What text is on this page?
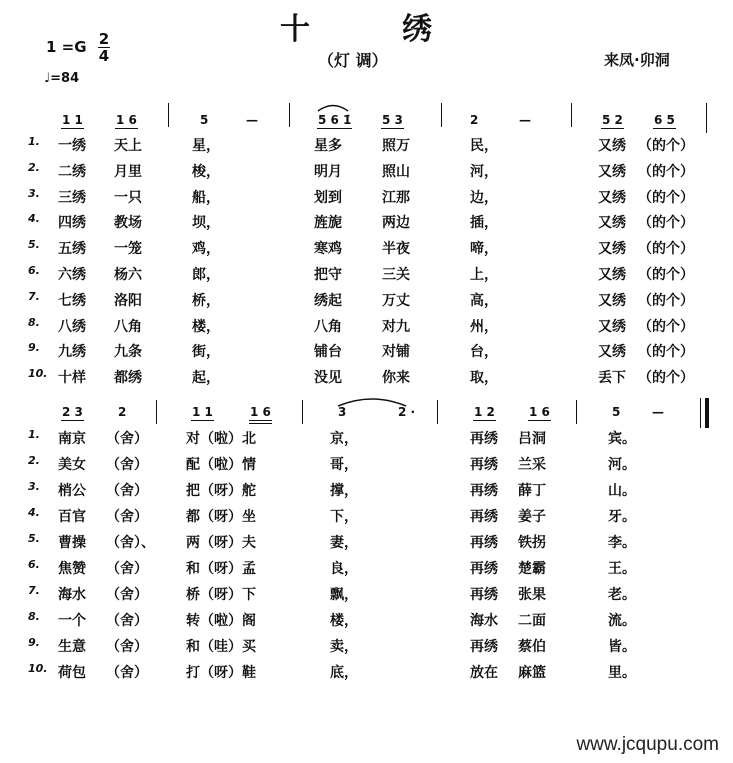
十	绣
（灯 调）	来凤·卯洞
1 =G 2
4
♩=84
1 1	1 6	5	—	5 6 1̇	5 3	2	—	5 2	6 5
1. 一绣 天上	星，	星多	照万	民，	又绣 （的个）
2. 二绣 月里	梭，	明月	照山	河，	又绣 （的个）
3. 三绣 一只	船，	划到	江那	边，	又绣 （的个）
4. 四绣 教场	坝，	旌旎	两边	插，	又绣 （的个）
5. 五绣 一笼	鸡，	寒鸡	半夜	啼，	又绣 （的个）
6. 六绣 杨六	郎，	把守	三关	上，	又绣 （的个）
7. 七绣 洛阳	桥，	绣起	万丈	高，	又绣 （的个）
8. 八绣 八角	楼，	八角	对九	州，	又绣 （的个）
9. 九绣 九条	街，	铺台	对铺	台，	又绣 （的个）
10. 十样 都绣	起，	没见	你来	取，	丢下 （的个）
2 3	2	1 1	1 6	3	2 ·	1 2	1 6	5	—
1. 南京 （舍）	对（啦）北	京，	再绣 吕洞	宾。
2. 美女 （舍）	配（啦）情	哥，	再绣 兰采	河。
3. 梢公 （舍）	把（呀）舵	撑，	再绣 薛丁	山。
4. 百官 （舍）	都（呀）坐	下，	再绣 姜子	牙。
5. 曹操 （舍）、 两（呀）夫	妻，	再绣 铁拐	李。
6. 焦赞 （舍）	和（呀）孟	良，	再绣 楚霸	王。
7. 海水 （舍）	桥（呀）下	飘，	再绣 张果	老。
8. 一个 （舍）	转（啦）阁	楼，	海水 二面	流。
9. 生意 （舍）	和（哇）买	卖，	再绣 蔡伯	皆。
10. 荷包 （舍）	打（呀）鞋	底，	放在 麻篮	里。
www.jcqupu.com
